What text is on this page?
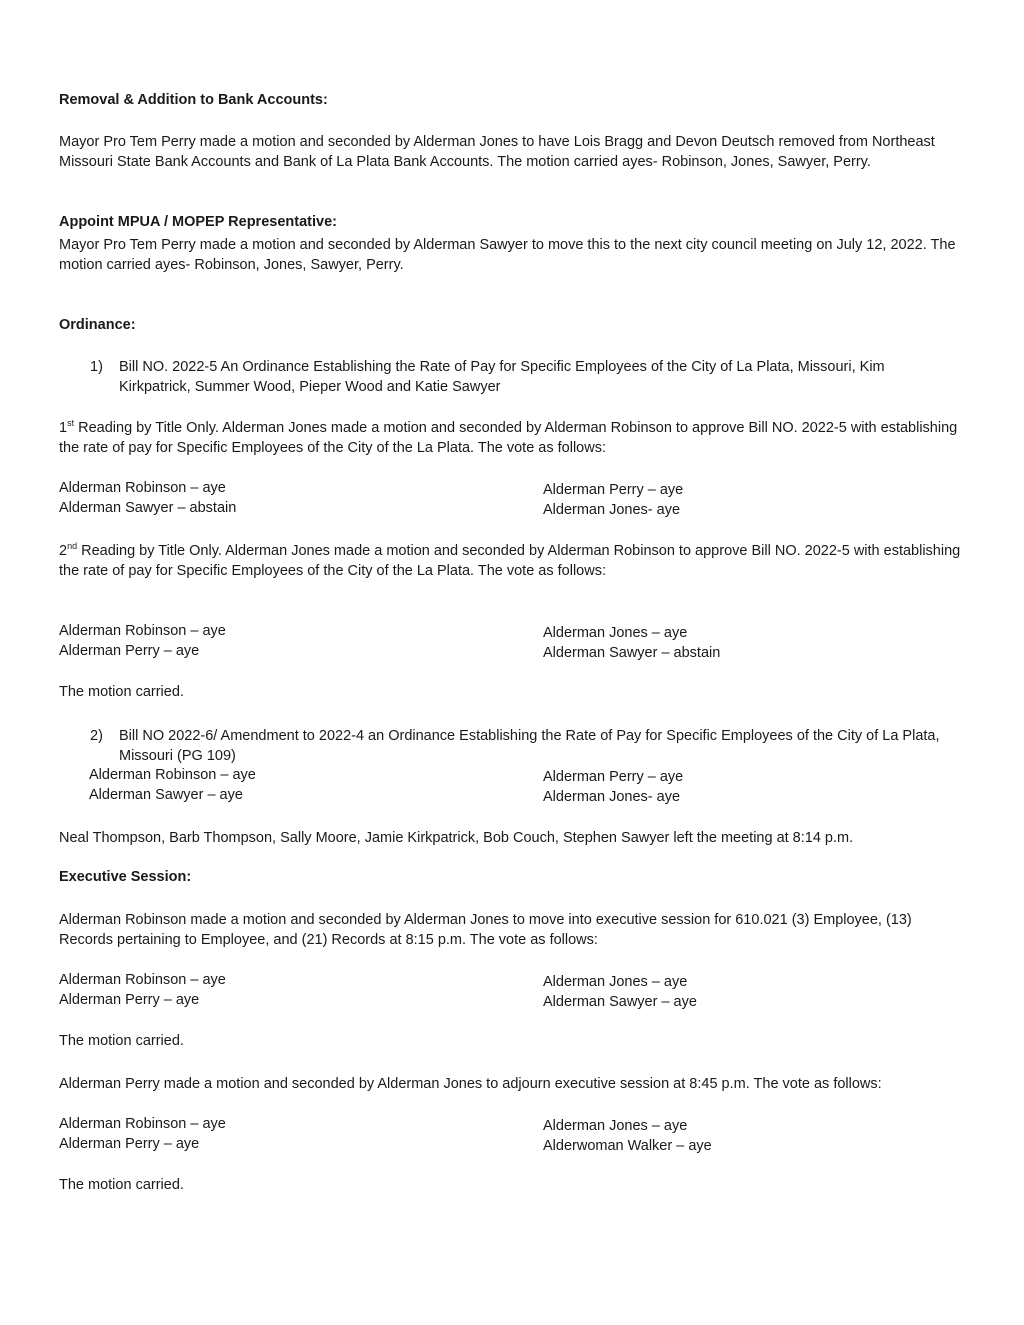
Removal & Addition to Bank Accounts:

Mayor Pro Tem Perry made a motion and seconded by Alderman Jones to have Lois Bragg and Devon Deutsch removed from Northeast Missouri State Bank Accounts and Bank of La Plata Bank Accounts. The motion carried ayes- Robinson, Jones, Sawyer, Perry.

Appoint MPUA / MOPEP Representative:

Mayor Pro Tem Perry made a motion and seconded by Alderman Sawyer to move this to the next city council meeting on July 12, 2022. The motion carried ayes- Robinson, Jones, Sawyer, Perry.

Ordinance:

1) Bill NO. 2022-5 An Ordinance Establishing the Rate of Pay for Specific Employees of the City of La Plata, Missouri, Kim Kirkpatrick, Summer Wood, Pieper Wood and Katie Sawyer

1st Reading by Title Only. Alderman Jones made a motion and seconded by Alderman Robinson to approve Bill NO. 2022-5 with establishing the rate of pay for Specific Employees of the City of the La Plata. The vote as follows:

Alderman Robinson – aye
Alderman Sawyer – abstain
Alderman Perry – aye
Alderman Jones- aye

2nd Reading by Title Only. Alderman Jones made a motion and seconded by Alderman Robinson to approve Bill NO. 2022-5 with establishing the rate of pay for Specific Employees of the City of the La Plata. The vote as follows:

Alderman Robinson – aye
Alderman Perry – aye
Alderman Jones – aye
Alderman Sawyer – abstain

The motion carried.

2) Bill NO 2022-6/ Amendment to 2022-4 an Ordinance Establishing the Rate of Pay for Specific Employees of the City of La Plata, Missouri (PG 109)
Alderman Robinson – aye
Alderman Sawyer – aye
Alderman Perry – aye
Alderman Jones- aye

Neal Thompson, Barb Thompson, Sally Moore, Jamie Kirkpatrick, Bob Couch, Stephen Sawyer left the meeting at 8:14 p.m.

Executive Session:

Alderman Robinson made a motion and seconded by Alderman Jones to move into executive session for 610.021 (3) Employee, (13) Records pertaining to Employee, and (21) Records at 8:15 p.m. The vote as follows:

Alderman Robinson – aye
Alderman Perry – aye
Alderman Jones – aye
Alderman Sawyer – aye

The motion carried.

Alderman Perry made a motion and seconded by Alderman Jones to adjourn executive session at 8:45 p.m. The vote as follows:

Alderman Robinson – aye
Alderman Perry – aye
Alderman Jones – aye
Alderwoman Walker – aye

The motion carried.
